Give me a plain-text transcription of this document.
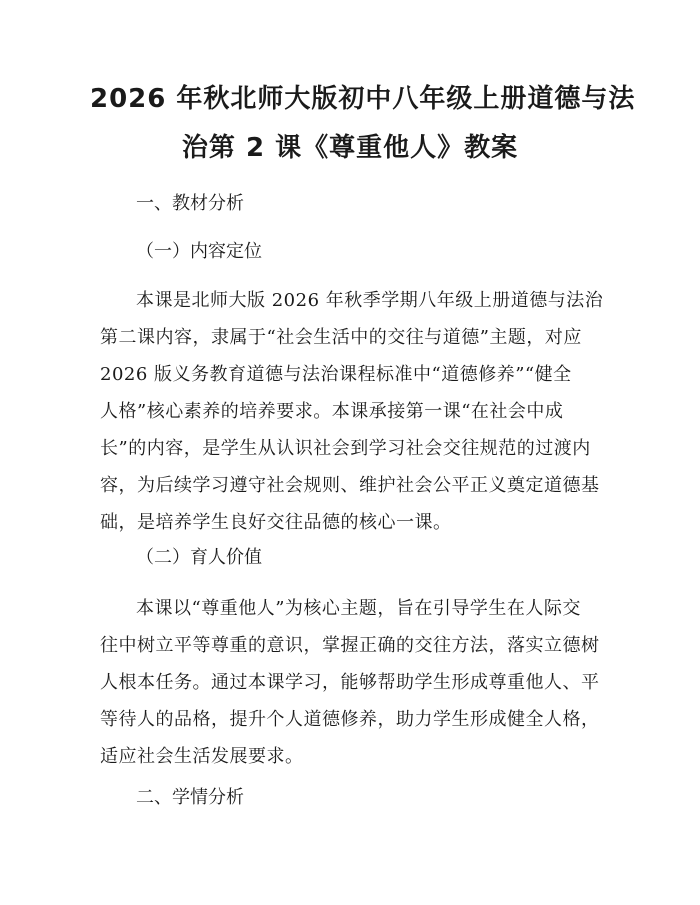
2026 年秋北师大版初中八年级上册道德与法
治第 2 课《尊重他人》教案
一、教材分析
（一）内容定位
本课是北师大版 2026 年秋季学期八年级上册道德与法治
第二课内容，隶属于“社会生活中的交往与道德”主题，对应
2026 版义务教育道德与法治课程标准中“道德修养”“健全
人格”核心素养的培养要求。本课承接第一课“在社会中成
长”的内容，是学生从认识社会到学习社会交往规范的过渡内
容，为后续学习遵守社会规则、维护社会公平正义奠定道德基
础，是培养学生良好交往品德的核心一课。
（二）育人价值
本课以“尊重他人”为核心主题，旨在引导学生在人际交
往中树立平等尊重的意识，掌握正确的交往方法，落实立德树
人根本任务。通过本课学习，能够帮助学生形成尊重他人、平
等待人的品格，提升个人道德修养，助力学生形成健全人格，
适应社会生活发展要求。
二、学情分析
